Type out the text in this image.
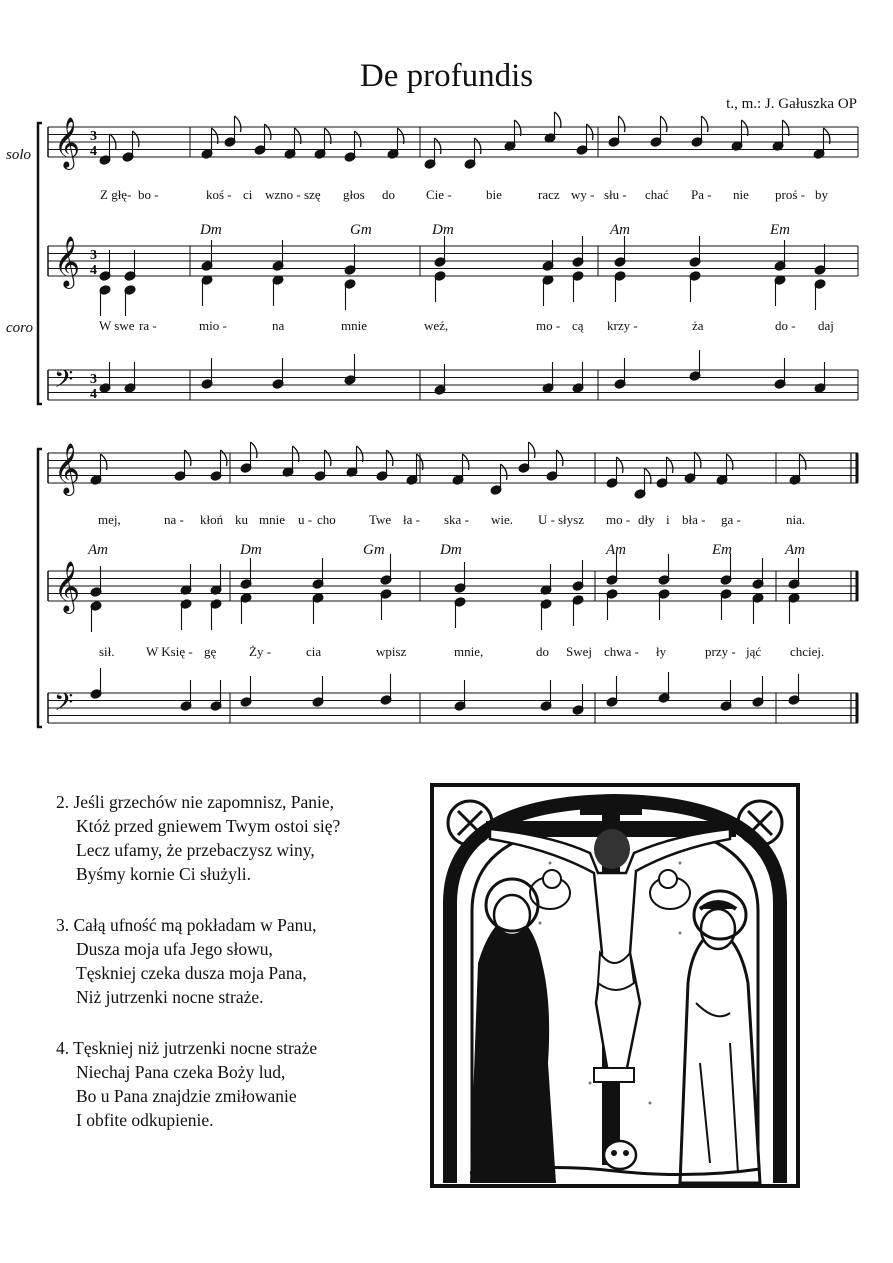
De profundis
t., m.: J. Gałuszka OP
solo
coro
𝄞 3
4
𝄞 3
4
𝄢 3
4
𝄞
𝄞
𝄢
Z głę- bo -	koś - ci wzno - szę głos do Cie -	bie	racz wy - słu - chać Pa - nie proś - by
Dm	Gm	Dm	Am	Em
W swe ra -	mio -	na	mnie	weź,	mo - cą krzy -	ża	do - daj
mej,	na - kłoń ku mnie u - cho	Twe ła - ska - wie. U - słysz mo - dły i bła - ga -	nia.
Am	Dm	Gm	Dm	Am	Em	Am
sił. W Księ - gę	Ży -	cia	wpisz	mnie,	do Swej chwa - ły	przy - jąć chciej.
2. Jeśli grzechów nie zapomnisz, Panie,
Któż przed gniewem Twym ostoi się?
Lecz ufamy, że przebaczysz winy,
Byśmy kornie Ci służyli.
3. Całą ufność mą pokładam w Panu,
Dusza moja ufa Jego słowu,
Tęskniej czeka dusza moja Pana,
Niż jutrzenki nocne straże.
4. Tęskniej niż jutrzenki nocne straże
Niechaj Pana czeka Boży lud,
Bo u Pana znajdzie zmiłowanie
I obfite odkupienie.
